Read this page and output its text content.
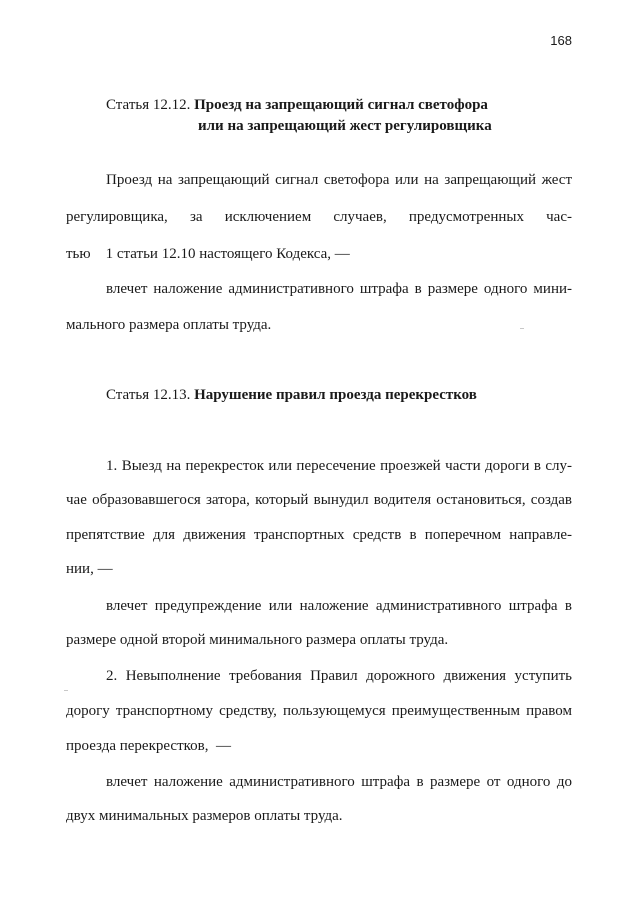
168
Статья 12.12. Проезд на запрещающий сигнал светофора
или на запрещающий жест регулировщика
Проезд на запрещающий сигнал светофора или на запрещающий жест
регулировщика, за исключением случаев, предусмотренных час-
тью    1 статьи 12.10 настоящего Кодекса, —
влечет наложение административного штрафа в размере одного мини-
мального размера оплаты труда.
Статья 12.13. Нарушение правил проезда перекрестков
1. Выезд на перекресток или пересечение проезжей части дороги в слу-
чае образовавшегося затора, который вынудил водителя остановиться, создав
препятствие для движения транспортных средств в поперечном направле-
нии, —
влечет предупреждение или наложение административного штрафа в
размере одной второй минимального размера оплаты труда.
2. Невыполнение требования Правил дорожного движения уступить
дорогу транспортному средству, пользующемуся преимущественным правом
проезда перекрестков,  —
влечет наложение административного штрафа в размере от одного до
двух минимальных размеров оплаты труда.
